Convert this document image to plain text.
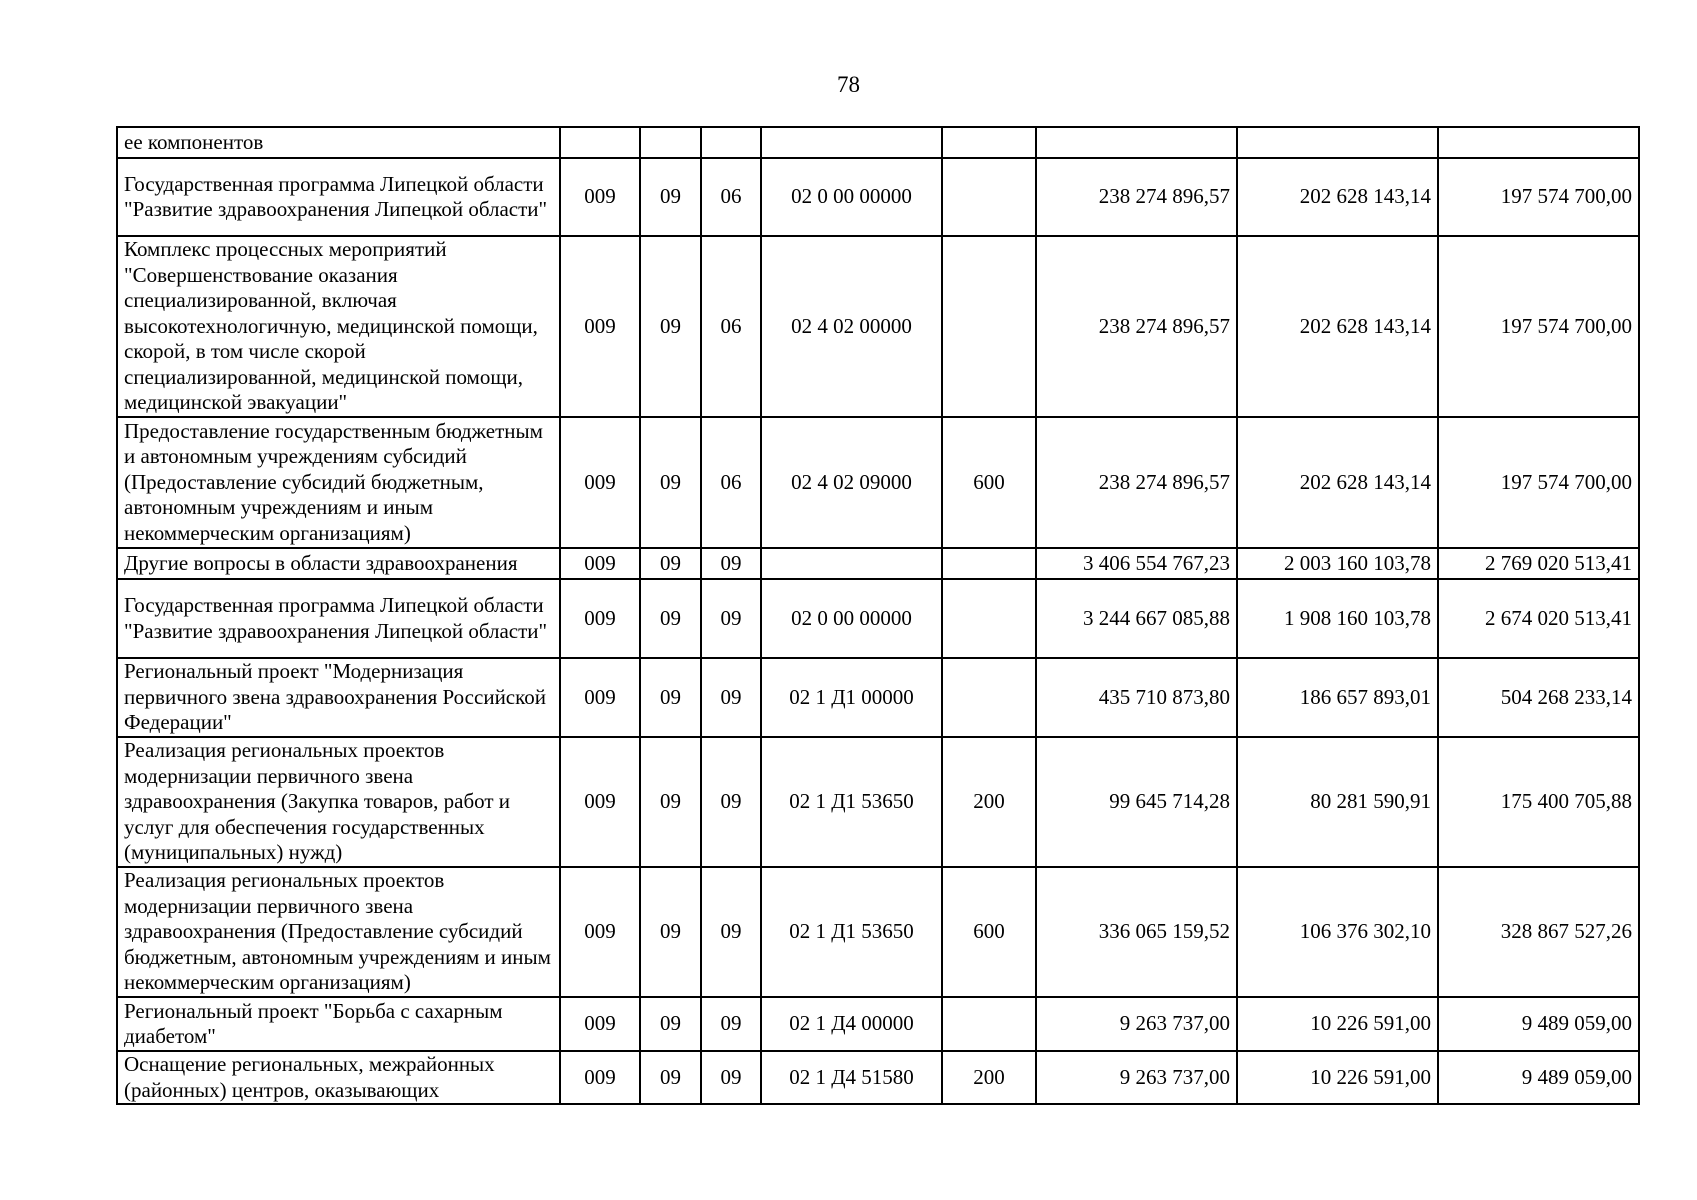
78
ее компонентов								
Государственная программа Липецкой области "Развитие здравоохранения Липецкой области"	009	09	06	02 0 00 00000		238 274 896,57	202 628 143,14	197 574 700,00
Комплекс процессных мероприятий "Совершенствование оказания специализированной, включая высокотехнологичную, медицинской помощи, скорой, в том числе скорой специализированной, медицинской помощи, медицинской эвакуации"	009	09	06	02 4 02 00000		238 274 896,57	202 628 143,14	197 574 700,00
Предоставление государственным бюджетным и автономным учреждениям субсидий (Предоставление субсидий бюджетным, автономным учреждениям и иным некоммерческим организациям)	009	09	06	02 4 02 09000	600	238 274 896,57	202 628 143,14	197 574 700,00
Другие вопросы в области здравоохранения	009	09	09			3 406 554 767,23	2 003 160 103,78	2 769 020 513,41
Государственная программа Липецкой области "Развитие здравоохранения Липецкой области"	009	09	09	02 0 00 00000		3 244 667 085,88	1 908 160 103,78	2 674 020 513,41
Региональный проект "Модернизация первичного звена здравоохранения Российской Федерации"	009	09	09	02 1 Д1 00000		435 710 873,80	186 657 893,01	504 268 233,14
Реализация региональных проектов модернизации первичного звена здравоохранения (Закупка товаров, работ и услуг для обеспечения государственных (муниципальных) нужд)	009	09	09	02 1 Д1 53650	200	99 645 714,28	80 281 590,91	175 400 705,88
Реализация региональных проектов модернизации первичного звена здравоохранения (Предоставление субсидий бюджетным, автономным учреждениям и иным некоммерческим организациям)	009	09	09	02 1 Д1 53650	600	336 065 159,52	106 376 302,10	328 867 527,26
Региональный проект "Борьба с сахарным диабетом"	009	09	09	02 1 Д4 00000		9 263 737,00	10 226 591,00	9 489 059,00
Оснащение региональных, межрайонных (районных) центров, оказывающих	009	09	09	02 1 Д4 51580	200	9 263 737,00	10 226 591,00	9 489 059,00
